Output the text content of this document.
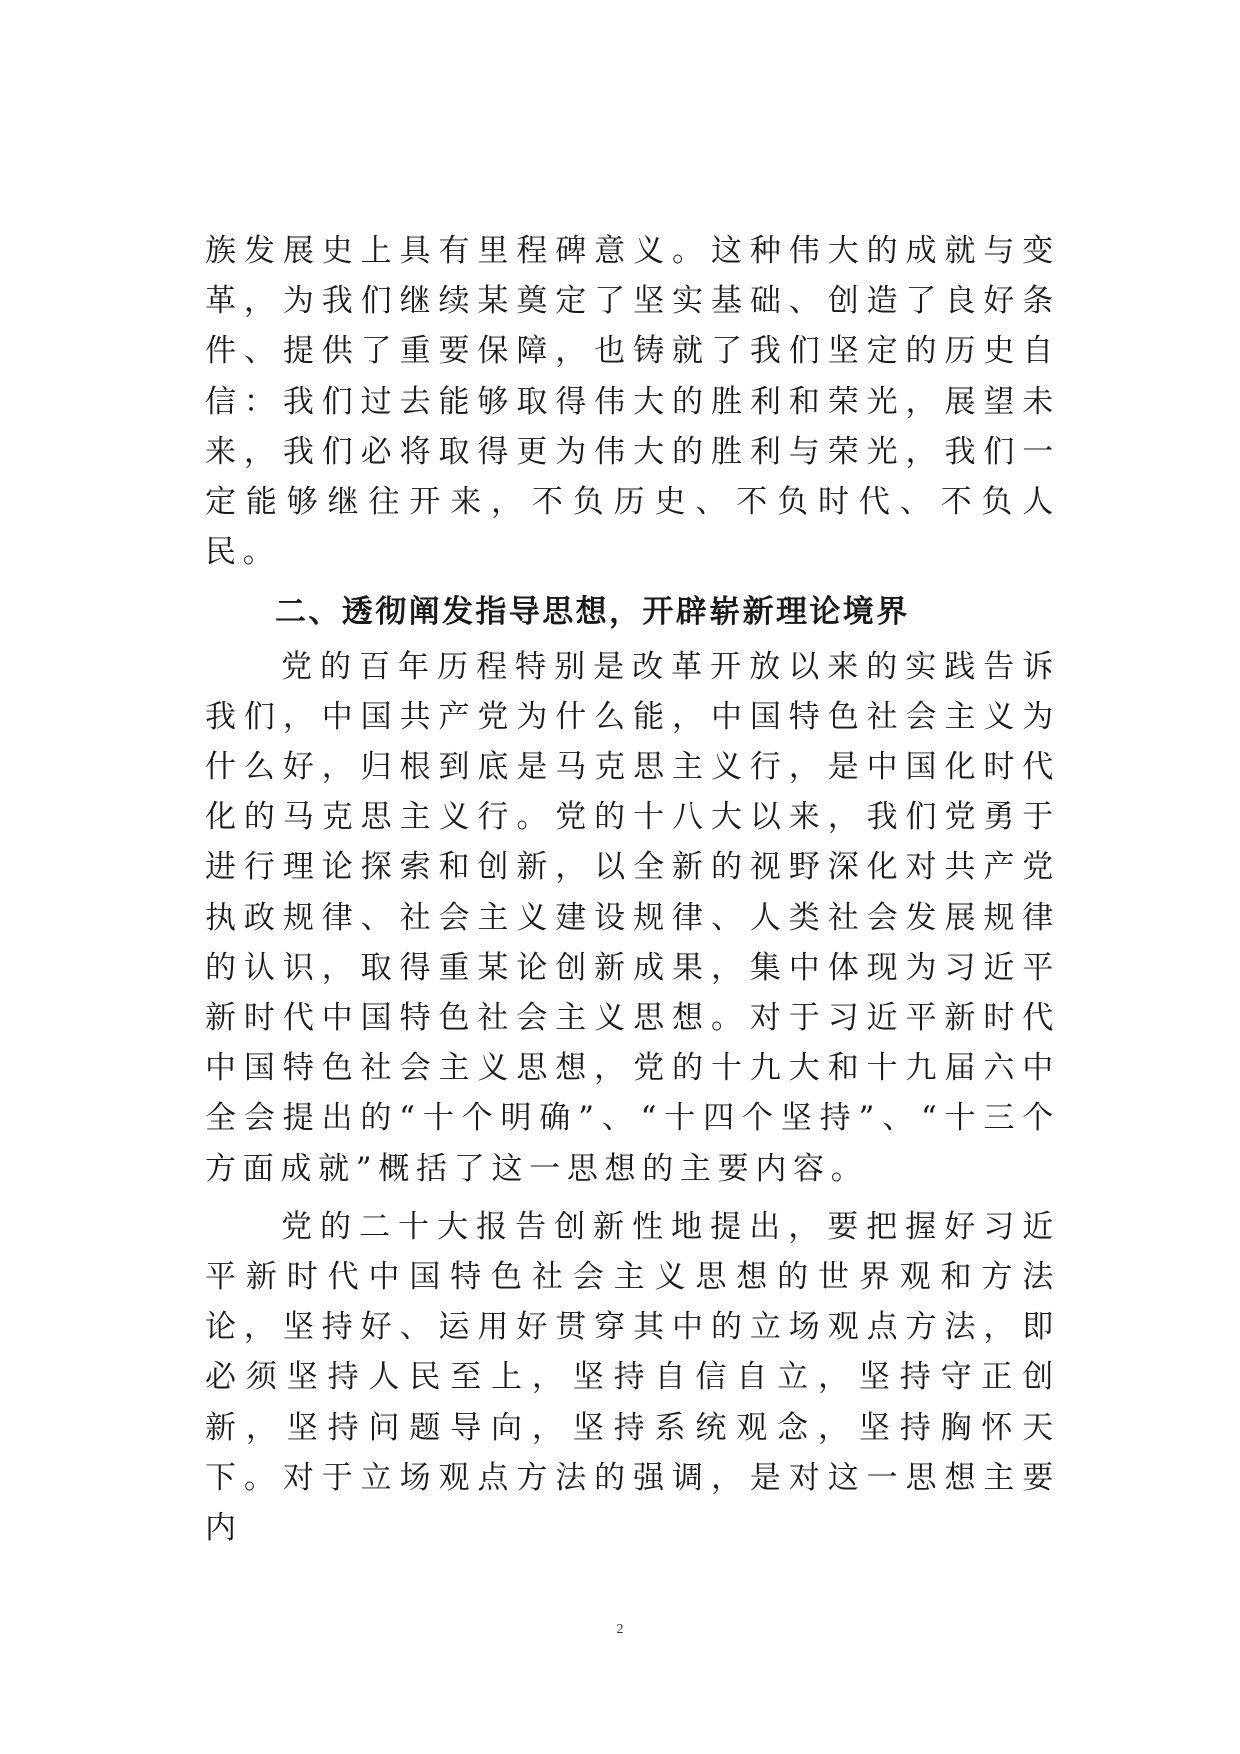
族发展史上具有里程碑意义。这种伟大的成就与变革，为我们继续某奠定了坚实基础、创造了良好条件、提供了重要保障，也铸就了我们坚定的历史自信：我们过去能够取得伟大的胜利和荣光，展望未来，我们必将取得更为伟大的胜利与荣光，我们一定能够继往开来，不负历史、不负时代、不负人民。

二、透彻阐发指导思想，开辟崭新理论境界

党的百年历程特别是改革开放以来的实践告诉我们，中国共产党为什么能，中国特色社会主义为什么好，归根到底是马克思主义行，是中国化时代化的马克思主义行。党的十八大以来，我们党勇于进行理论探索和创新，以全新的视野深化对共产党执政规律、社会主义建设规律、人类社会发展规律的认识，取得重某论创新成果，集中体现为习近平新时代中国特色社会主义思想。对于习近平新时代中国特色社会主义思想，党的十九大和十九届六中全会提出的“十个明确”、“十四个坚持”、“十三个方面成就”概括了这一思想的主要内容。

党的二十大报告创新性地提出，要把握好习近平新时代中国特色社会主义思想的世界观和方法论，坚持好、运用好贯穿其中的立场观点方法，即必须坚持人民至上，坚持自信自立，坚持守正创新，坚持问题导向，坚持系统观念，坚持胸怀天下。对于立场观点方法的强调，是对这一思想主要内

2
